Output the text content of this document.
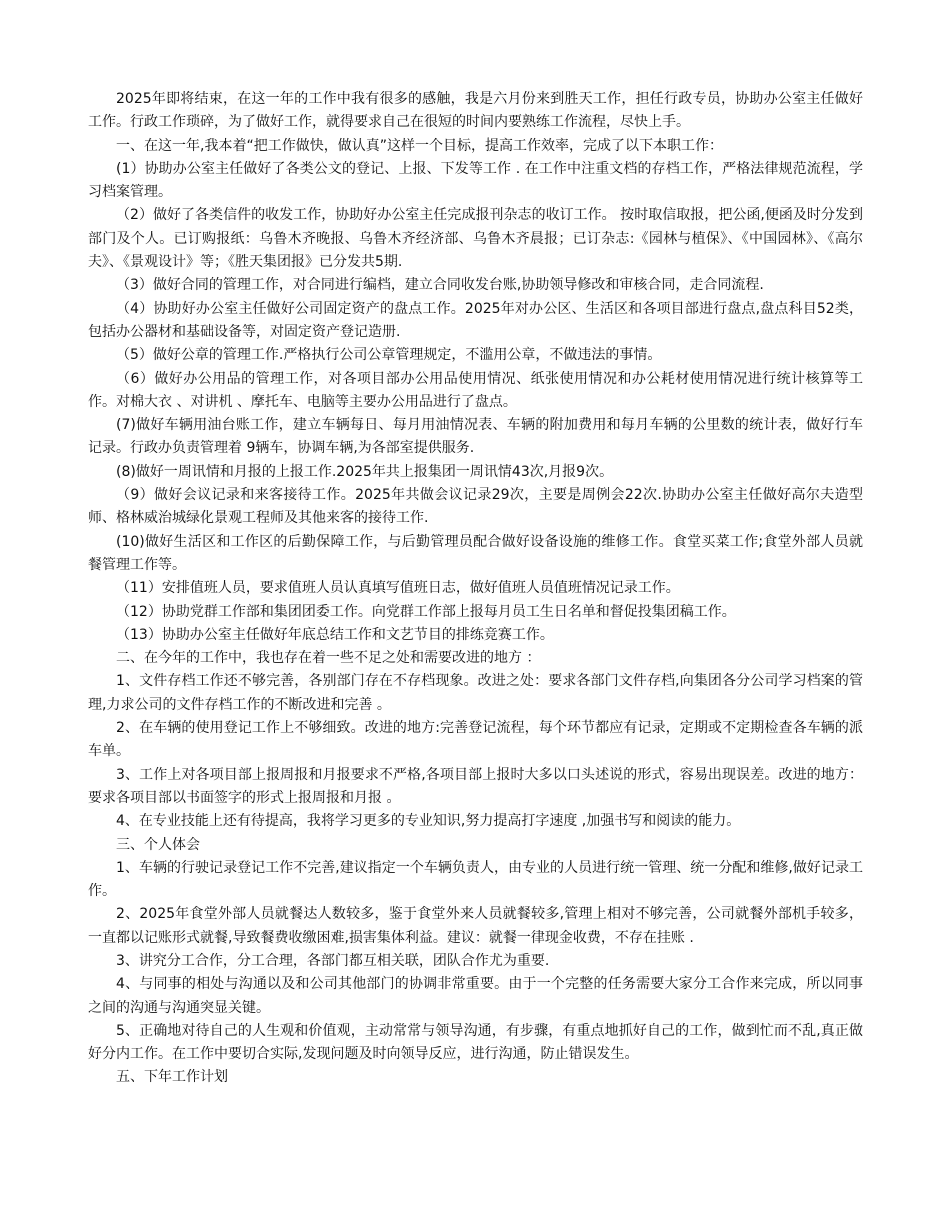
2025年即将结束，在这一年的工作中我有很多的感触，我是六月份来到胜天工作，担任行政专员，协助办公室主任做好工作。行政工作琐碎，为了做好工作，就得要求自己在很短的时间内要熟练工作流程，尽快上手。

一、在这一年,我本着“把工作做快，做认真”这样一个目标，提高工作效率，完成了以下本职工作：

(1）协助办公室主任做好了各类公文的登记、上报、下发等工作 . 在工作中注重文档的存档工作，严格法律规范流程，学习档案管理。

（2）做好了各类信件的收发工作，协助好办公室主任完成报刊杂志的收订工作。 按时取信取报，把公函,便函及时分发到部门及个人。已订购报纸：乌鲁木齐晚报、乌鲁木齐经济部、乌鲁木齐晨报；已订杂志:《园林与植保》、《中国园林》、《高尔夫》、《景观设计》等；《胜天集团报》已分发共5期.

（3）做好合同的管理工作，对合同进行编档，建立合同收发台账,协助领导修改和审核合同，走合同流程.

（4）协助好办公室主任做好公司固定资产的盘点工作。2025年对办公区、生活区和各项目部进行盘点,盘点科目52类，包括办公器材和基础设备等，对固定资产登记造册.

（5）做好公章的管理工作.严格执行公司公章管理规定，不滥用公章，不做违法的事情。

（6）做好办公用品的管理工作，对各项目部办公用品使用情况、纸张使用情况和办公耗材使用情况进行统计核算等工作。对棉大衣 、对讲机 、摩托车、电脑等主要办公用品进行了盘点。

(7)做好车辆用油台账工作，建立车辆每日、每月用油情况表、车辆的附加费用和每月车辆的公里数的统计表，做好行车记录。行政办负责管理着 9辆车，协调车辆,为各部室提供服务.

(8)做好一周讯情和月报的上报工作.2025年共上报集团一周讯情43次,月报9次。

（9）做好会议记录和来客接待工作。2025年共做会议记录29次，主要是周例会22次.协助办公室主任做好高尔夫造型师、格林威治城绿化景观工程师及其他来客的接待工作.

(10)做好生活区和工作区的后勤保障工作，与后勤管理员配合做好设备设施的维修工作。食堂买菜工作;食堂外部人员就餐管理工作等。

（11）安排值班人员，要求值班人员认真填写值班日志，做好值班人员值班情况记录工作。

（12）协助党群工作部和集团团委工作。向党群工作部上报每月员工生日名单和督促投集团稿工作。

（13）协助办公室主任做好年底总结工作和文艺节目的排练竞赛工作。

二、在今年的工作中，我也存在着一些不足之处和需要改进的地方 ：

1、文件存档工作还不够完善，各别部门存在不存档现象。改进之处：要求各部门文件存档,向集团各分公司学习档案的管理,力求公司的文件存档工作的不断改进和完善 。

2、在车辆的使用登记工作上不够细致。改进的地方:完善登记流程，每个环节都应有记录，定期或不定期检查各车辆的派车单。

3、工作上对各项目部上报周报和月报要求不严格,各项目部上报时大多以口头述说的形式，容易出现误差。改进的地方：要求各项目部以书面签字的形式上报周报和月报 。

4、在专业技能上还有待提高，我将学习更多的专业知识,努力提高打字速度 ,加强书写和阅读的能力。

三、个人体会

1、车辆的行驶记录登记工作不完善,建议指定一个车辆负责人，由专业的人员进行统一管理、统一分配和维修,做好记录工作。

2、2025年食堂外部人员就餐达人数较多，鉴于食堂外来人员就餐较多,管理上相对不够完善，公司就餐外部机手较多，一直都以记账形式就餐,导致餐费收缴困难,损害集体利益。建议：就餐一律现金收费，不存在挂账 .

3、讲究分工合作，分工合理，各部门都互相关联，团队合作尤为重要.

4、与同事的相处与沟通以及和公司其他部门的协调非常重要。由于一个完整的任务需要大家分工合作来完成，所以同事之间的沟通与沟通突显关键。

5、正确地对待自己的人生观和价值观，主动常常与领导沟通，有步骤，有重点地抓好自己的工作，做到忙而不乱,真正做好分内工作。在工作中要切合实际,发现问题及时向领导反应，进行沟通，防止错误发生。

五、下年工作计划
